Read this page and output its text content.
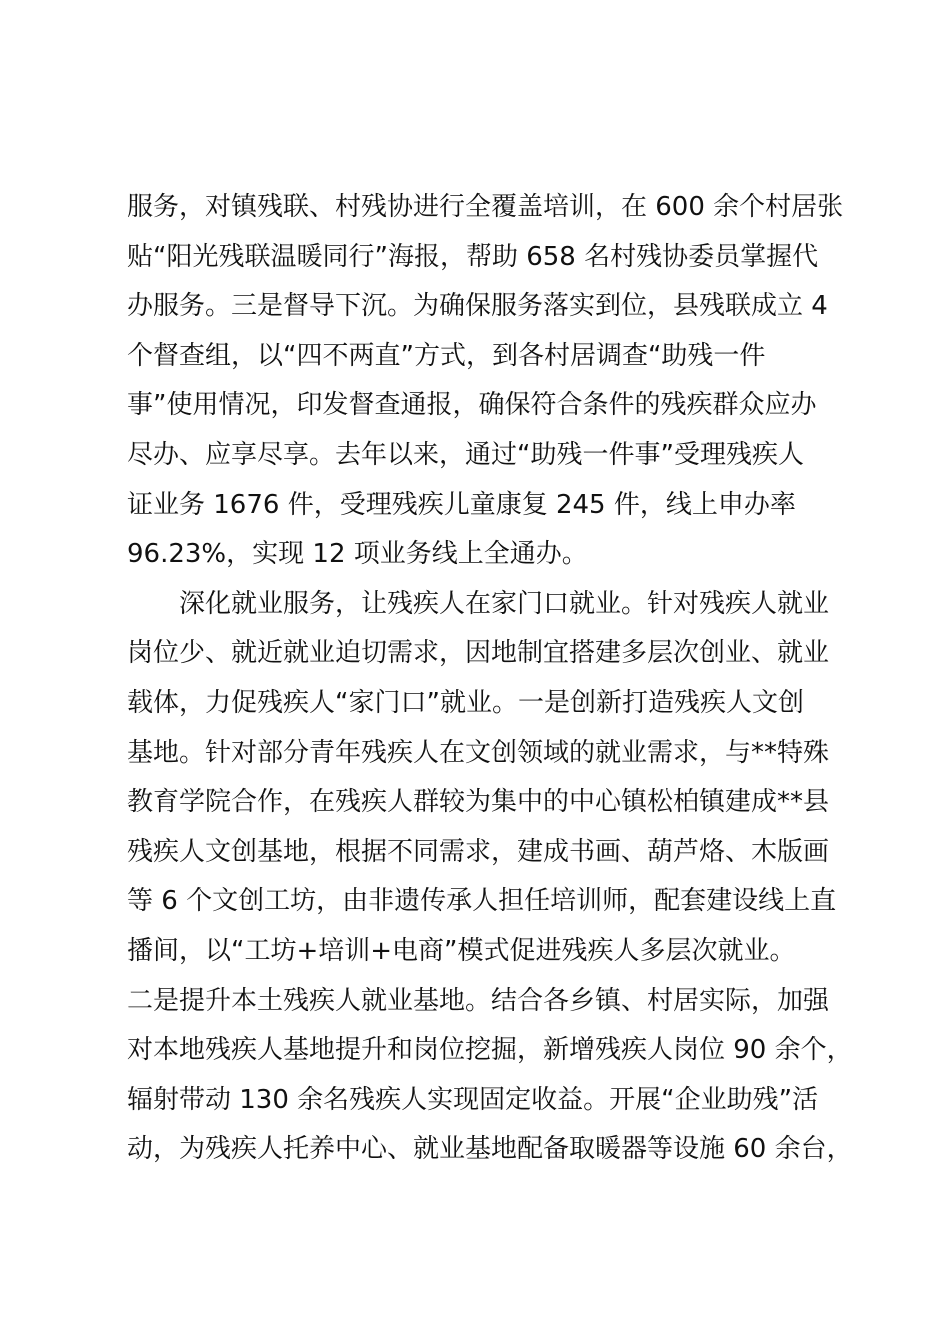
服务，对镇残联、村残协进行全覆盖培训，在 600 余个村居张

贴“阳光残联温暖同行”海报，帮助 658 名村残协委员掌握代

办服务。三是督导下沉。为确保服务落实到位，县残联成立 4

个督查组，以“四不两直”方式，到各村居调查“助残一件

事”使用情况，印发督查通报，确保符合条件的残疾群众应办

尽办、应享尽享。去年以来，通过“助残一件事”受理残疾人

证业务 1676 件，受理残疾儿童康复 245 件，线上申办率

96.23%，实现 12 项业务线上全通办。

深化就业服务，让残疾人在家门口就业。针对残疾人就业

岗位少、就近就业迫切需求，因地制宜搭建多层次创业、就业

载体，力促残疾人“家门口”就业。一是创新打造残疾人文创

基地。针对部分青年残疾人在文创领域的就业需求，与**特殊

教育学院合作，在残疾人群较为集中的中心镇松柏镇建成**县

残疾人文创基地，根据不同需求，建成书画、葫芦烙、木版画

等 6 个文创工坊，由非遗传承人担任培训师，配套建设线上直

播间，以“工坊+培训+电商”模式促进残疾人多层次就业。

二是提升本土残疾人就业基地。结合各乡镇、村居实际，加强

对本地残疾人基地提升和岗位挖掘，新增残疾人岗位 90 余个，

辐射带动 130 余名残疾人实现固定收益。开展“企业助残”活

动，为残疾人托养中心、就业基地配备取暖器等设施 60 余台，
